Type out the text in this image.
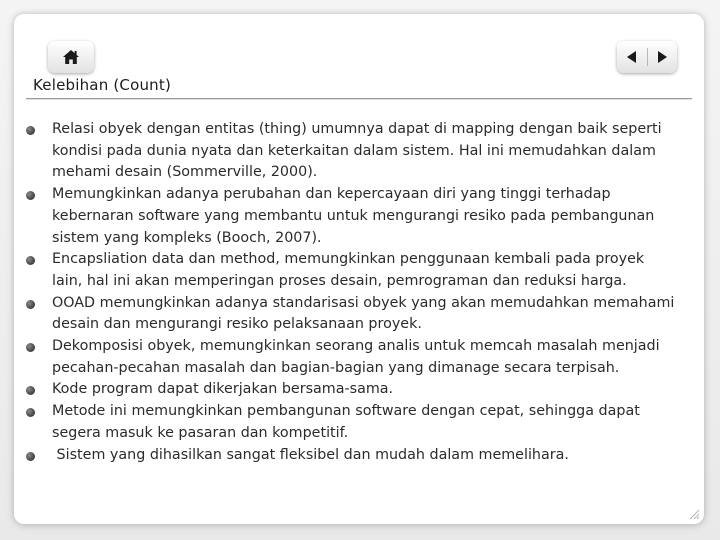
Kelebihan (Count)
Relasi obyek dengan entitas (thing) umumnya dapat di mapping dengan baik seperti kondisi pada dunia nyata dan keterkaitan dalam sistem. Hal ini memudahkan dalam mehami desain (Sommerville, 2000).
Memungkinkan adanya perubahan dan kepercayaan diri yang tinggi terhadap kebernaran software yang membantu untuk mengurangi resiko pada pembangunan sistem yang kompleks (Booch, 2007).
Encapsliation data dan method, memungkinkan penggunaan kembali pada proyek lain, hal ini akan memperingan proses desain, pemrograman dan reduksi harga.
OOAD memungkinkan adanya standarisasi obyek yang akan memudahkan memahami desain dan mengurangi resiko pelaksanaan proyek.
Dekomposisi obyek, memungkinkan seorang analis untuk memcah masalah menjadi pecahan-pecahan masalah dan bagian-bagian yang dimanage secara terpisah.
Kode program dapat dikerjakan bersama-sama.
Metode ini memungkinkan pembangunan software dengan cepat, sehingga dapat segera masuk ke pasaran dan kompetitif.
Sistem yang dihasilkan sangat fleksibel dan mudah dalam memelihara.
